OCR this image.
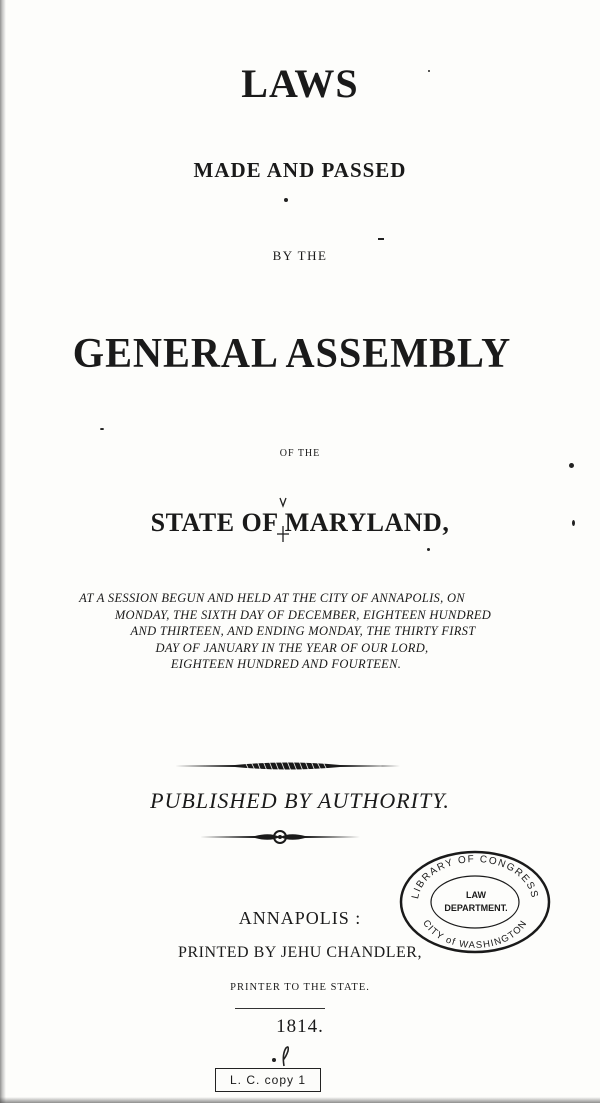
LAWS
MADE AND PASSED
BY THE
GENERAL ASSEMBLY
OF THE
STATE OF MARYLAND,
AT A SESSION BEGUN AND HELD AT THE CITY OF ANNAPOLIS, ON
MONDAY, THE SIXTH DAY OF DECEMBER, EIGHTEEN HUNDRED
AND THIRTEEN, AND ENDING MONDAY, THE THIRTY FIRST
DAY OF JANUARY IN THE YEAR OF OUR LORD,
EIGHTEEN HUNDRED AND FOURTEEN.
PUBLISHED BY AUTHORITY.
ANNAPOLIS :
PRINTED BY JEHU CHANDLER,
PRINTER TO THE STATE.
1814.
LIBRARY OF CONGRESS
CITY of WASHINGTON
LAW
DEPARTMENT.
L. C. copy 1
